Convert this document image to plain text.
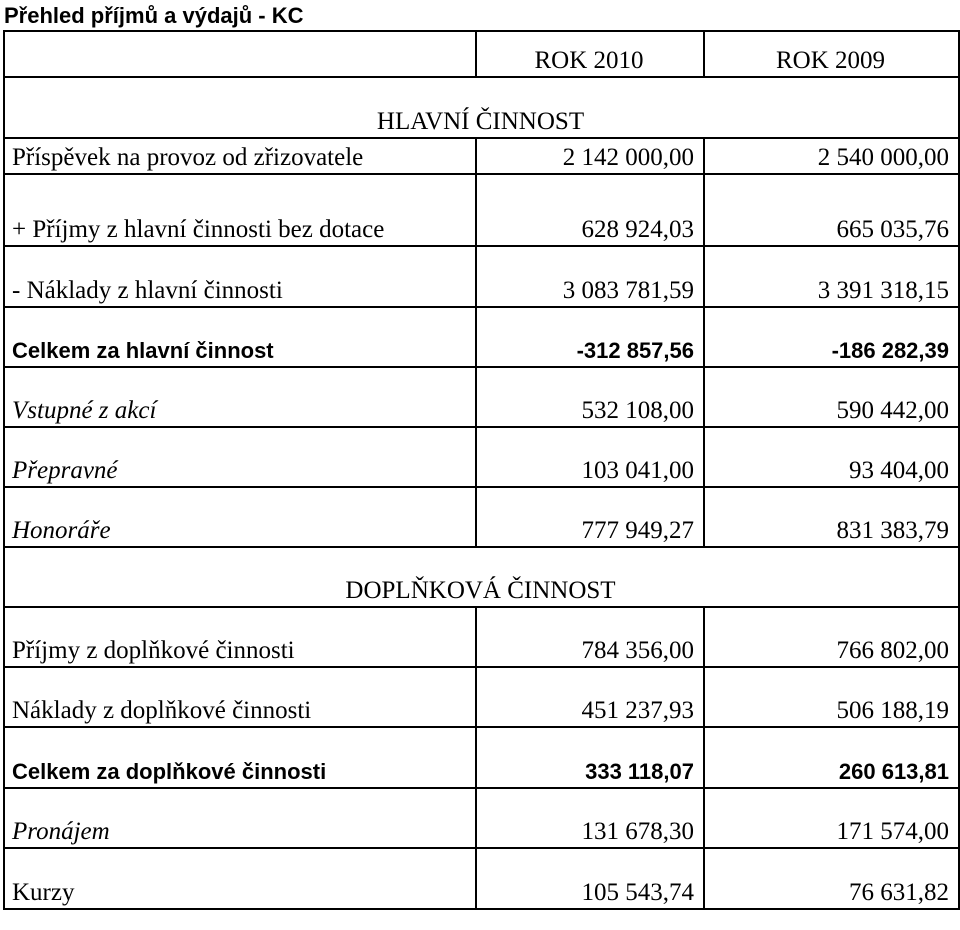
Přehled příjmů a výdajů - KC
	ROK 2010	ROK 2009
HLAVNÍ ČINNOST		
Příspěvek na provoz od zřizovatele	2 142 000,00	2 540 000,00
+ Příjmy z hlavní činnosti bez dotace	628 924,03	665 035,76
- Náklady z hlavní činnosti	3 083 781,59	3 391 318,15
Celkem za hlavní činnost	-312 857,56	-186 282,39
Vstupné z akcí	532 108,00	590 442,00
Přepravné	103 041,00	93 404,00
Honoráře	777 949,27	831 383,79
DOPLŇKOVÁ ČINNOST		
Příjmy z doplňkové činnosti	784 356,00	766 802,00
Náklady z doplňkové činnosti	451 237,93	506 188,19
Celkem za doplňkové činnosti	333 118,07	260 613,81
Pronájem	131 678,30	171 574,00
Kurzy	105 543,74	76 631,82
